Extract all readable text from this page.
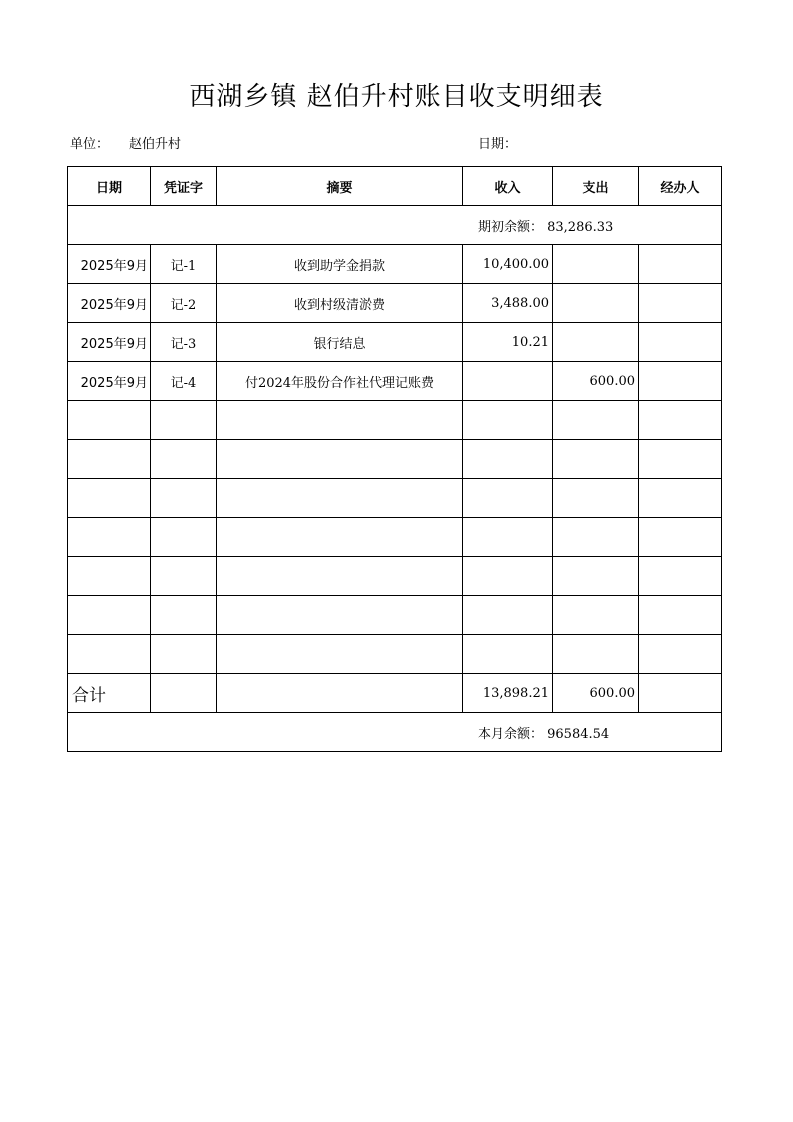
西湖乡镇 赵伯升村账目收支明细表
单位： 赵伯升村	日期：
日期	凭证字	摘要	收入	支出	经办人
期初余额： 83,286.33					
2025年9月	记-1	收到助学金捐款	10,400.00		
2025年9月	记-2	收到村级清淤费	3,488.00		
2025年9月	记-3	银行结息	10.21		
2025年9月	记-4	付2024年股份合作社代理记账费		600.00	

合计			13,898.21	600.00	
本月余额： 96584.54					
